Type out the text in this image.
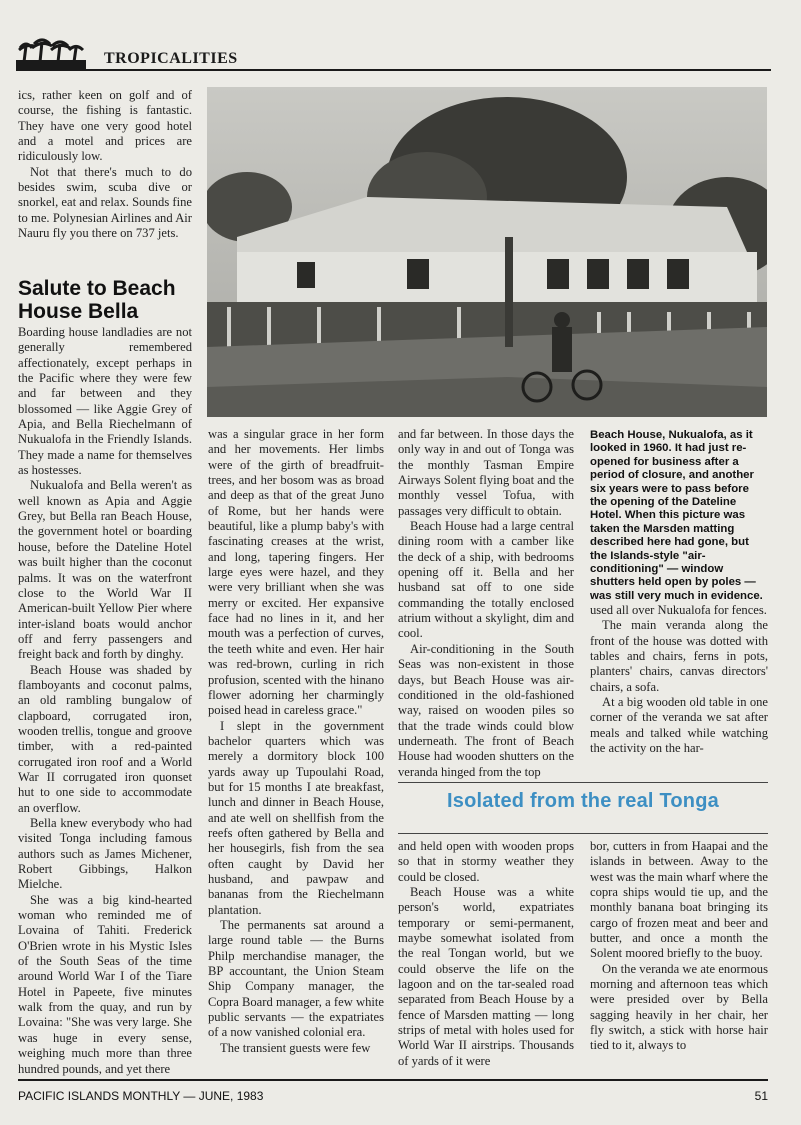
TROPICALITIES

ics, rather keen on golf and of course, the fishing is fantastic. They have one very good hotel and a motel and prices are ridiculously low.

Not that there's much to do besides swim, scuba dive or snorkel, eat and relax. Sounds fine to me. Polynesian Airlines and Air Nauru fly you there on 737 jets.

Salute to Beach House Bella

Boarding house landladies are not generally remembered affectionately, except perhaps in the Pacific where they were few and far between and they blossomed — like Aggie Grey of Apia, and Bella Riechelmann of Nukualofa in the Friendly Islands. They made a name for themselves as hostesses.

Nukualofa and Bella weren't as well known as Apia and Aggie Grey, but Bella ran Beach House, the government hotel or boarding house, before the Dateline Hotel was built higher than the coconut palms. It was on the waterfront close to the World War II American-built Yellow Pier where inter-island boats would anchor off and ferry passengers and freight back and forth by dinghy.

Beach House was shaded by flamboyants and coconut palms, an old rambling bungalow of clapboard, corrugated iron, wooden trellis, tongue and groove timber, with a red-painted corrugated iron roof and a World War II corrugated iron quonset hut to one side to accommodate an overflow.

Bella knew everybody who had visited Tonga including famous authors such as James Michener, Robert Gibbings, Halkon Mielche.

She was a big kind-hearted woman who reminded me of Lovaina of Tahiti. Frederick O'Brien wrote in his Mystic Isles of the South Seas of the time around World War I of the Tiare Hotel in Papeete, five minutes walk from the quay, and run by Lovaina: "She was very large. She was huge in every sense, weighing much more than three hundred pounds, and yet there

was a singular grace in her form and her movements. Her limbs were of the girth of breadfruit-trees, and her bosom was as broad and deep as that of the great Juno of Rome, but her hands were beautiful, like a plump baby's with fascinating creases at the wrist, and long, tapering fingers. Her large eyes were hazel, and they were very brilliant when she was merry or excited. Her expansive face had no lines in it, and her mouth was a perfection of curves, the teeth white and even. Her hair was red-brown, curling in rich profusion, scented with the hinano flower adorning her charmingly poised head in careless grace."

I slept in the government bachelor quarters which was merely a dormitory block 100 yards away up Tupoulahi Road, but for 15 months I ate breakfast, lunch and dinner in Beach House, and ate well on shellfish from the reefs often gathered by Bella and her housegirls, fish from the sea often caught by David her husband, and pawpaw and bananas from the Riechelmann plantation.

The permanents sat around a large round table — the Burns Philp merchandise manager, the BP accountant, the Union Steam Ship Company manager, the Copra Board manager, a few white public servants — the expatriates of a now vanished colonial era.

The transient guests were few

and far between. In those days the only way in and out of Tonga was the monthly Tasman Empire Airways Solent flying boat and the monthly vessel Tofua, with passages very difficult to obtain.

Beach House had a large central dining room with a camber like the deck of a ship, with bedrooms opening off it. Bella and her husband sat off to one side commanding the totally enclosed atrium without a skylight, dim and cool.

Air-conditioning in the South Seas was non-existent in those days, but Beach House was air-conditioned in the old-fashioned way, raised on wooden piles so that the trade winds could blow underneath. The front of Beach House had wooden shutters on the veranda hinged from the top

Beach House, Nukualofa, as it looked in 1960. It had just re-opened for business after a period of closure, and another six years were to pass before the opening of the Dateline Hotel. When this picture was taken the Marsden matting described here had gone, but the Islands-style "air-conditioning" — window shutters held open by poles — was still very much in evidence.

used all over Nukualofa for fences.

The main veranda along the front of the house was dotted with tables and chairs, ferns in pots, planters' chairs, canvas directors' chairs, a sofa.

At a big wooden old table in one corner of the veranda we sat after meals and talked while watching the activity on the har-

Isolated from the real Tonga

and held open with wooden props so that in stormy weather they could be closed.

Beach House was a white person's world, expatriates temporary or semi-permanent, maybe somewhat isolated from the real Tongan world, but we could observe the life on the lagoon and on the tar-sealed road separated from Beach House by a fence of Marsden matting — long strips of metal with holes used for World War II airstrips. Thousands of yards of it were

bor, cutters in from Haapai and the islands in between. Away to the west was the main wharf where the copra ships would tie up, and the monthly banana boat bringing its cargo of frozen meat and beer and butter, and once a month the Solent moored briefly to the buoy.

On the veranda we ate enormous morning and afternoon teas which were presided over by Bella sagging heavily in her chair, her fly switch, a stick with horse hair tied to it, always to

PACIFIC ISLANDS MONTHLY — JUNE, 1983	51
